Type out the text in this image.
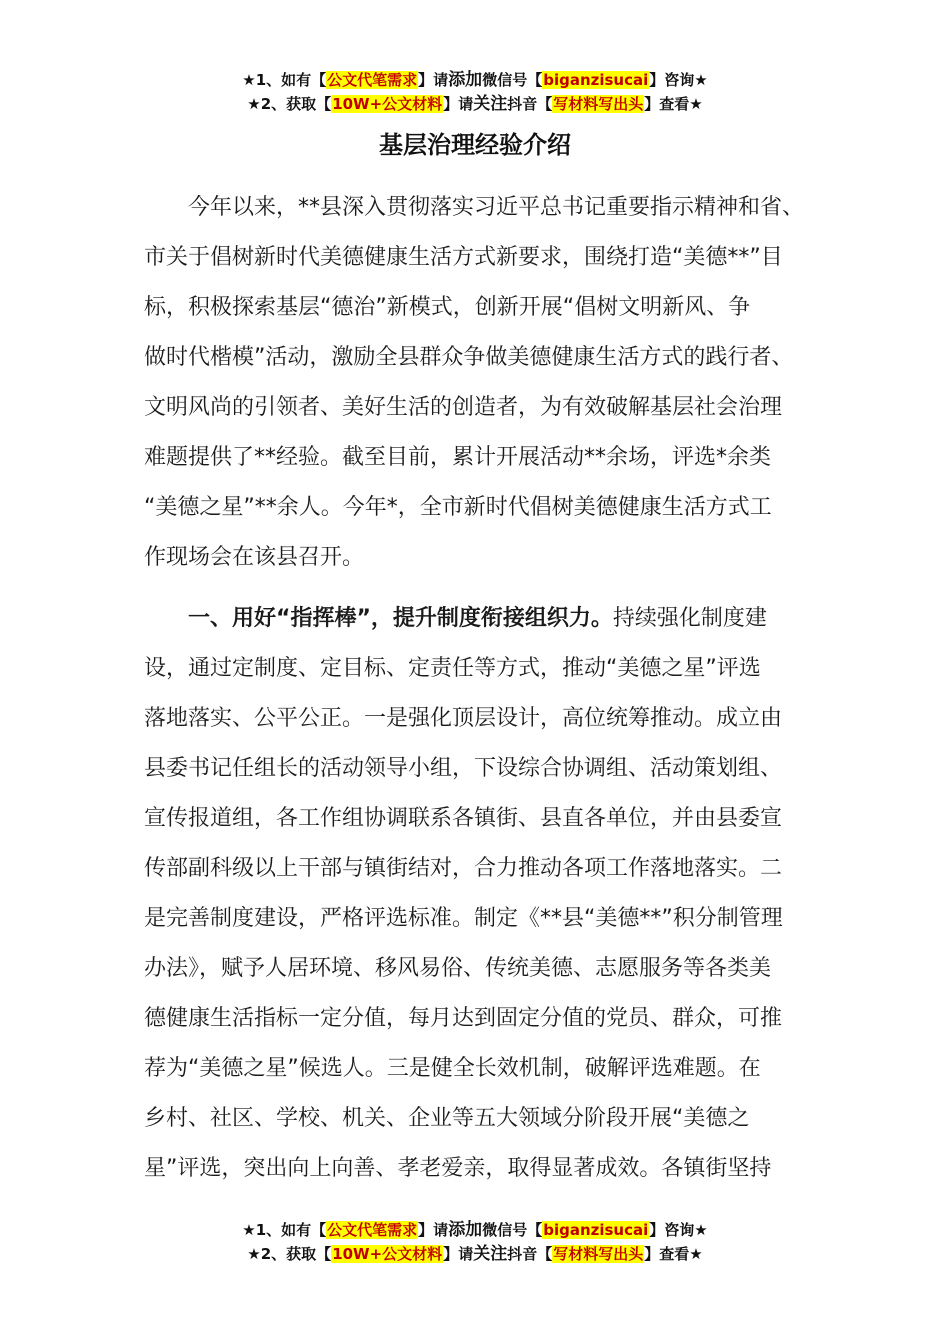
★1、如有【公文代笔需求】请添加微信号【biganzisucai】咨询★
★2、获取【10W+公文材料】请关注抖音【写材料写出头】查看★
基层治理经验介绍
　　今年以来，**县深入贯彻落实习近平总书记重要指示精神和省、
市关于倡树新时代美德健康生活方式新要求，围绕打造“美德**”目
标，积极探索基层“德治”新模式，创新开展“倡树文明新风、争
做时代楷模”活动，激励全县群众争做美德健康生活方式的践行者、
文明风尚的引领者、美好生活的创造者，为有效破解基层社会治理
难题提供了**经验。截至目前，累计开展活动**余场，评选*余类
“美德之星”**余人。今年*，全市新时代倡树美德健康生活方式工
作现场会在该县召开。
　　一、用好“指挥棒”，提升制度衔接组织力。持续强化制度建
设，通过定制度、定目标、定责任等方式，推动“美德之星”评选
落地落实、公平公正。一是强化顶层设计，高位统筹推动。成立由
县委书记任组长的活动领导小组，下设综合协调组、活动策划组、
宣传报道组，各工作组协调联系各镇街、县直各单位，并由县委宣
传部副科级以上干部与镇街结对，合力推动各项工作落地落实。二
是完善制度建设，严格评选标准。制定《**县“美德**”积分制管理
办法》，赋予人居环境、移风易俗、传统美德、志愿服务等各类美
德健康生活指标一定分值，每月达到固定分值的党员、群众，可推
荐为“美德之星”候选人。三是健全长效机制，破解评选难题。在
乡村、社区、学校、机关、企业等五大领域分阶段开展“美德之
星”评选，突出向上向善、孝老爱亲，取得显著成效。各镇街坚持
★1、如有【公文代笔需求】请添加微信号【biganzisucai】咨询★
★2、获取【10W+公文材料】请关注抖音【写材料写出头】查看★
